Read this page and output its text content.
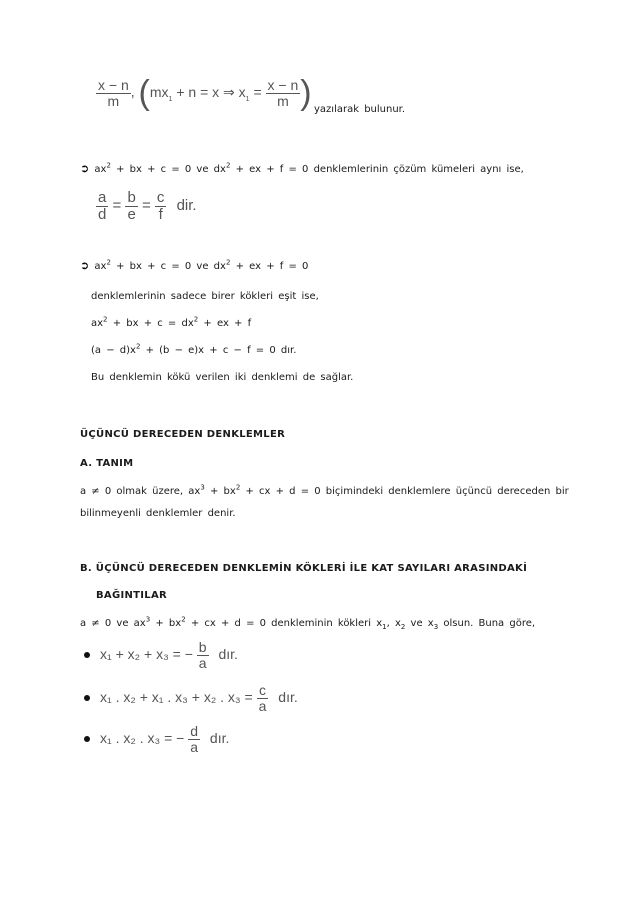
$\frac{x - n}{m}$ , ($mx_1 + n = x$ ⇒ $x_1 = \frac{x - n}{m}$ ) yazılarak bulunur.
➲ $ax^2$ + bx + c = 0 ve $dx^2$ + ex + f = 0 denklemlerinin çözüm kümeleri aynı ise,
$\frac{a}{d} = \frac{b}{e} = \frac{c}{f}$ dir.
➲ $ax^2$ + bx + c = 0 ve $dx^2$ + ex + f = 0
denklemlerinin sadece birer kökleri eşit ise,
$ax^2$ + bx + $c = dx^2$ + ex + f
$(a - d)x^2 + (b - e)x + c - f = 0$ dır.
Bu denklemin kökü verilen iki denklemi de sağlar.
ÜÇÜNCÜ DERECEDEN DENKLEMLER
A. TANIM
a ≠ 0 olmak üzere, $ax^3 + bx^2$ + cx + d = 0 biçimindeki denklemlere üçüncü dereceden bir
bilinmeyenli denklemler denir.
B. ÜÇÜNCÜ DERECEDEN DENKLEMİN KÖKLERİ İLE KAT SAYILARI ARASINDAKİ
BAĞINTILAR
a ≠ 0 ve $ax^3 + bx^2$ + cx + d = 0 denkleminin kökleri $x_1$, $x_2$ ve $x_3$ olsun. Buna göre,
x₁ + x₂ + x₃ = − $\frac{b}{a}$ dır.
x₁ . x₂ + x₁ . x₃ + x₂ . $x_3 = \frac{c}{a}$ dır.
x₁ . x₂ . x₃ = − $\frac{d}{a}$ dır.
